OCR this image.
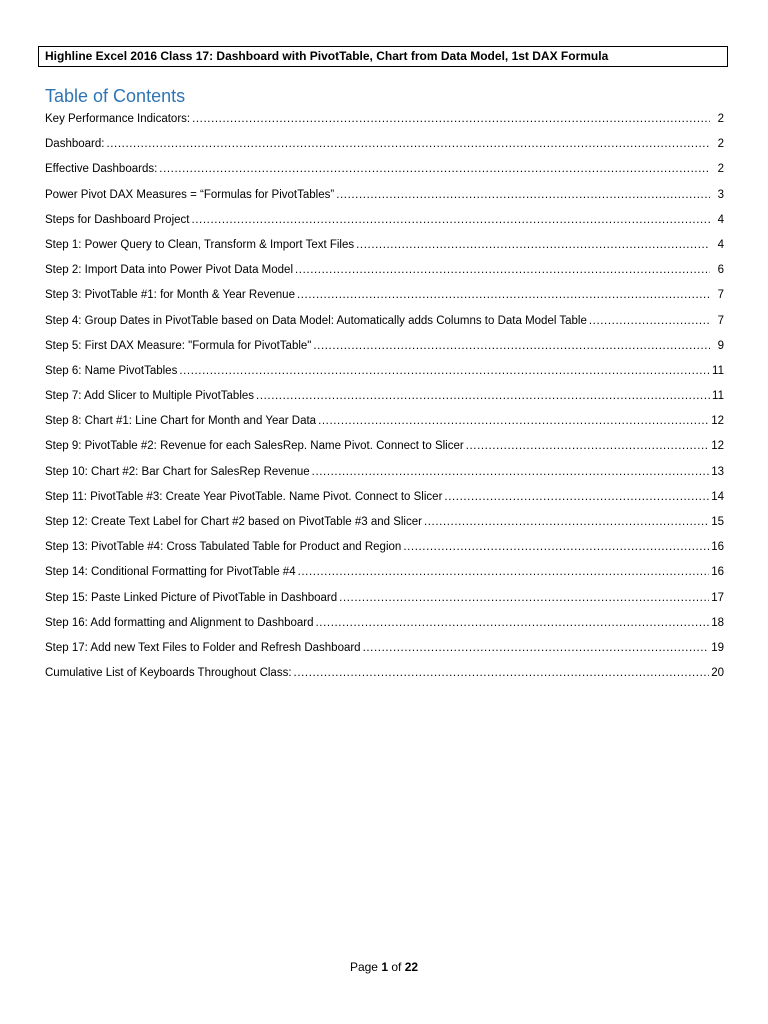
Highline Excel 2016 Class 17: Dashboard with PivotTable, Chart from Data Model, 1st DAX Formula
Table of Contents
Key Performance Indicators: .....	2
Dashboard: .....	2
Effective Dashboards: .....	2
Power Pivot DAX Measures = “Formulas for PivotTables” .....	3
Steps for Dashboard Project .....	4
Step 1: Power Query to Clean, Transform & Import Text Files .....	4
Step 2: Import Data into Power Pivot Data Model .....	6
Step 3: PivotTable #1: for Month & Year Revenue .....	7
Step 4: Group Dates in PivotTable based on Data Model: Automatically adds Columns to Data Model Table .....	7
Step 5: First DAX Measure: "Formula for PivotTable" .....	9
Step 6: Name PivotTables .....	11
Step 7: Add Slicer to Multiple PivotTables .....	11
Step 8: Chart #1: Line Chart for Month and Year Data .....	12
Step 9: PivotTable #2: Revenue for each SalesRep. Name Pivot. Connect to Slicer .....	12
Step 10: Chart #2: Bar Chart for SalesRep Revenue .....	13
Step 11: PivotTable #3: Create Year PivotTable. Name Pivot. Connect to Slicer .....	14
Step 12: Create Text Label for Chart #2 based on PivotTable #3 and Slicer .....	15
Step 13: PivotTable #4: Cross Tabulated Table for Product and Region .....	16
Step 14: Conditional Formatting for PivotTable #4 .....	16
Step 15: Paste Linked Picture of PivotTable in Dashboard .....	17
Step 16: Add formatting and Alignment to Dashboard .....	18
Step 17: Add new Text Files to Folder and Refresh Dashboard .....	19
Cumulative List of Keyboards Throughout Class: .....	20
Page 1 of 22
